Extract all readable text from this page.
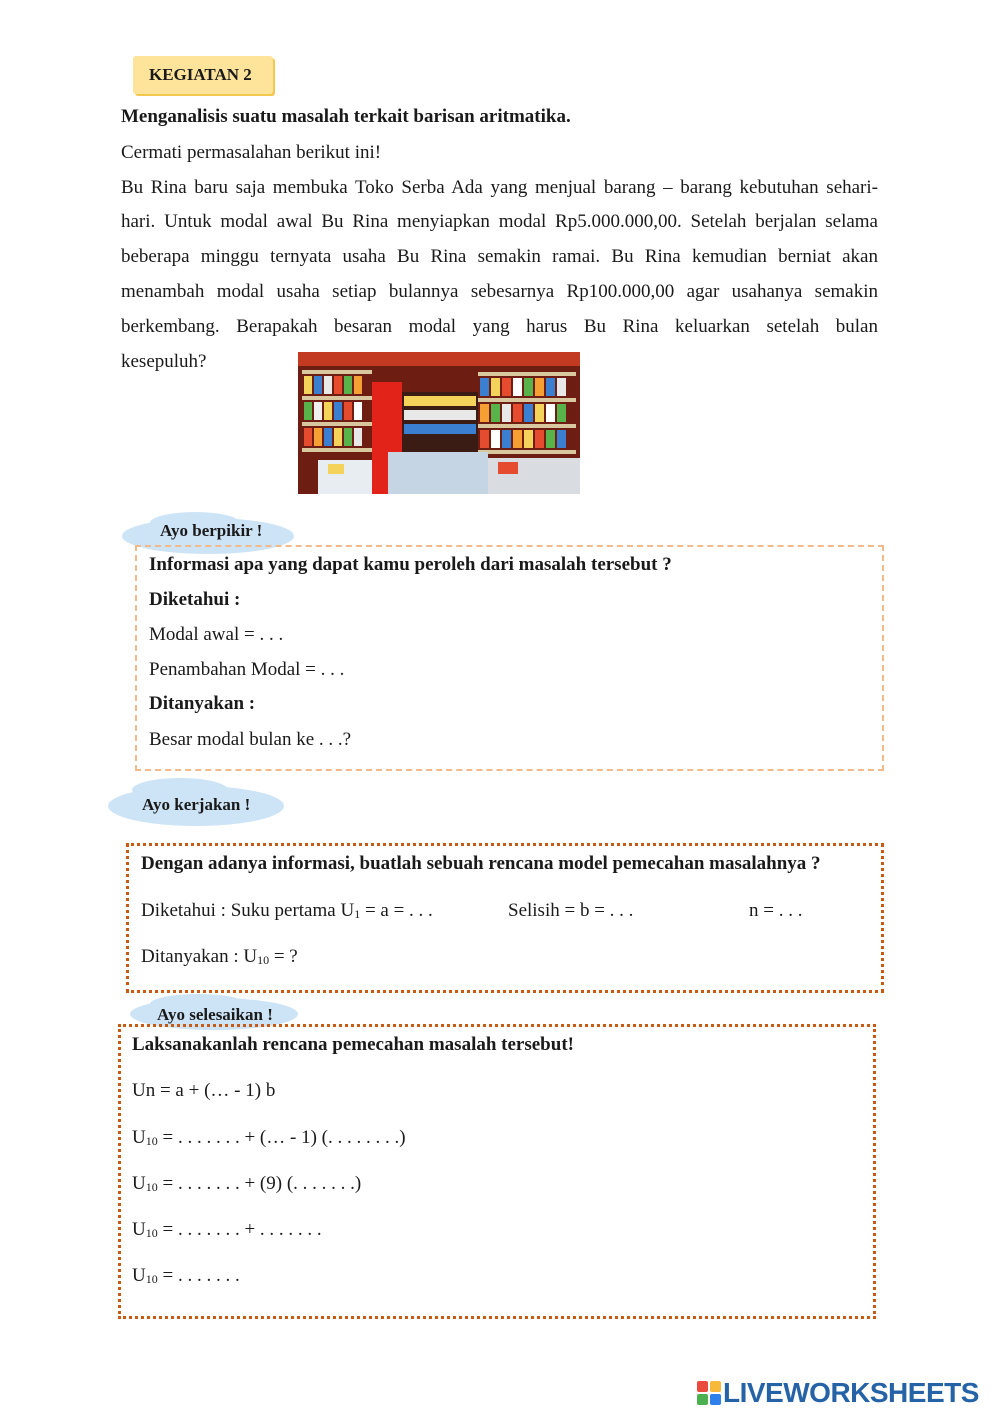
KEGIATAN 2
Menganalisis suatu masalah terkait barisan aritmatika.
Cermati permasalahan berikut ini!
Bu Rina baru saja membuka Toko Serba Ada yang menjual barang – barang kebutuhan sehari-
hari. Untuk modal awal Bu Rina menyiapkan modal Rp5.000.000,00. Setelah berjalan selama
beberapa minggu ternyata usaha Bu Rina semakin ramai. Bu Rina kemudian berniat akan
menambah modal usaha setiap bulannya sebesarnya Rp100.000,00 agar usahanya semakin
berkembang. Berapakah besaran modal yang harus Bu Rina keluarkan setelah bulan
kesepuluh?
Ayo berpikir !
Informasi apa yang dapat kamu peroleh dari masalah tersebut ?
Diketahui :
Modal awal = . . .
Penambahan Modal = . . .
Ditanyakan :
Besar modal bulan ke . . .?
Ayo kerjakan !
Dengan adanya informasi, buatlah sebuah rencana model pemecahan masalahnya ?
Diketahui : Suku pertama $U_1 = a$ = . . .	Selisih = b = . . .	n = . . .
Ditanyakan : $U_{10}$ = ?
Ayo selesaikan !
Laksanakanlah rencana pemecahan masalah tersebut!
Un = a + (… - 1) b
$U_{10}$ = . . . . . . . + (… - 1) (. . . . . . . .)
$U_{10}$ = . . . . . . . + (9) (. . . . . . .)
$U_{10}$ = . . . . . . . + . . . . . . .
$U_{10}$ = . . . . . . .
LIVEWORKSHEETS
